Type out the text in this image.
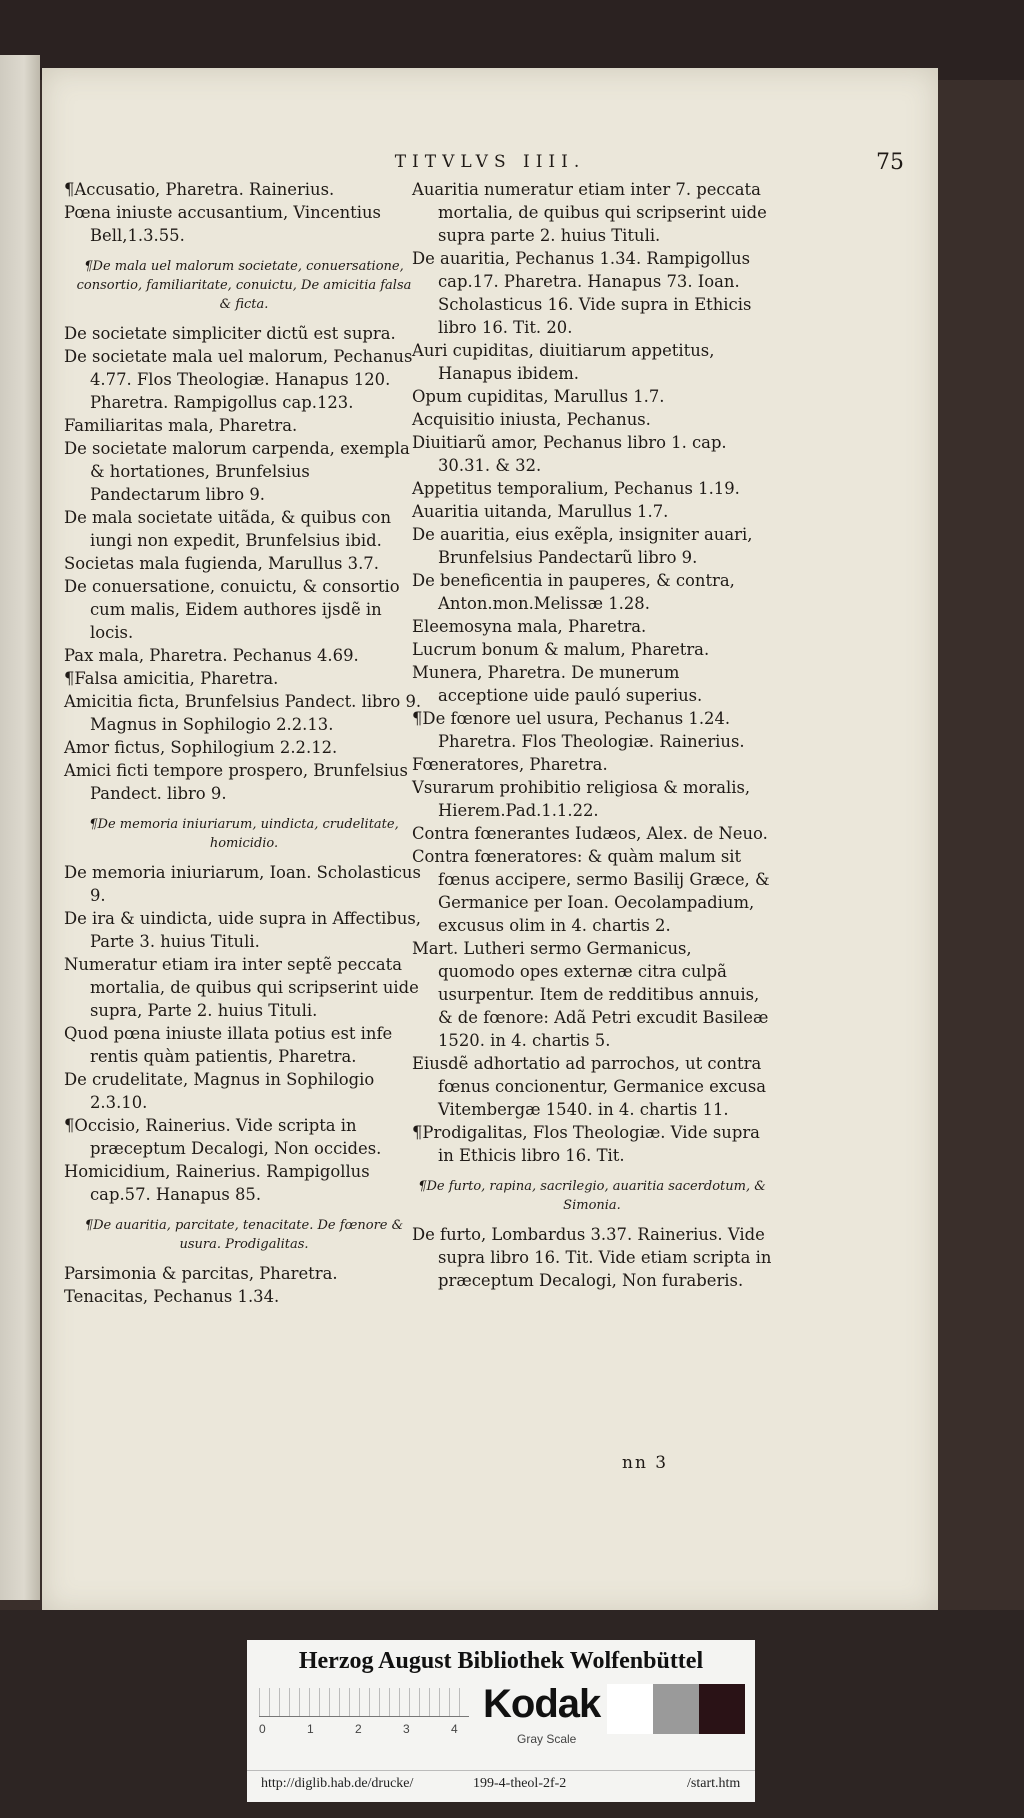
TITVLVS IIII.	75

¶Accusatio, Pharetra. Rainerius.

Pœna iniuste accusantium, Vincentius Bell,1.3.55.

¶De mala uel malorum societate, conuersatione, consortio, familiaritate, conuictu, De amicitia falsa & ficta.

De societate simpliciter dictũ est supra.

De societate mala uel malorum, Pechanus 4.77. Flos Theologiæ. Hanapus 120. Pharetra. Rampigollus cap.123.

Familiaritas mala, Pharetra.

De societate malorum carpenda, exempla & hortationes, Brunfelsius Pandectarum libro 9.

De mala societate uitãda, & quibus con iungi non expedit, Brunfelsius ibid.

Societas mala fugienda, Marullus 3.7.

De conuersatione, conuictu, & consortio cum malis, Eidem authores ijsdẽ in locis.

Pax mala, Pharetra. Pechanus 4.69.

¶Falsa amicitia, Pharetra.

Amicitia ficta, Brunfelsius Pandect. libro 9. Magnus in Sophilogio 2.2.13.

Amor fictus, Sophilogium 2.2.12.

Amici ficti tempore prospero, Brunfelsius Pandect. libro 9.

¶De memoria iniuriarum, uindicta, crudelitate, homicidio.

De memoria iniuriarum, Ioan. Scholasticus 9.

De ira & uindicta, uide supra in Affectibus, Parte 3. huius Tituli.

Numeratur etiam ira inter septẽ peccata mortalia, de quibus qui scripserint uide supra, Parte 2. huius Tituli.

Quod pœna iniuste illata potius est infe rentis quàm patientis, Pharetra.

De crudelitate, Magnus in Sophilogio 2.3.10.

¶Occisio, Rainerius. Vide scripta in præceptum Decalogi, Non occides.

Homicidium, Rainerius. Rampigollus cap.57. Hanapus 85.

¶De auaritia, parcitate, tenacitate. De fœnore & usura. Prodigalitas.

Parsimonia & parcitas, Pharetra.

Tenacitas, Pechanus 1.34.

Auaritia numeratur etiam inter 7. peccata mortalia, de quibus qui scripserint uide supra parte 2. huius Tituli.

De auaritia, Pechanus 1.34. Rampigollus cap.17. Pharetra. Hanapus 73. Ioan. Scholasticus 16. Vide supra in Ethicis libro 16. Tit. 20.

Auri cupiditas, diuitiarum appetitus, Hanapus ibidem.

Opum cupiditas, Marullus 1.7.

Acquisitio iniusta, Pechanus.

Diuitiarũ amor, Pechanus libro 1. cap. 30.31. & 32.

Appetitus temporalium, Pechanus 1.19.

Auaritia uitanda, Marullus 1.7.

De auaritia, eius exẽpla, insigniter auari, Brunfelsius Pandectarũ libro 9.

De beneficentia in pauperes, & contra, Anton.mon.Melissæ 1.28.

Eleemosyna mala, Pharetra.

Lucrum bonum & malum, Pharetra.

Munera, Pharetra. De munerum acceptione uide pauló superius.

¶De fœnore uel usura, Pechanus 1.24. Pharetra. Flos Theologiæ. Rainerius.

Fœneratores, Pharetra.

Vsurarum prohibitio religiosa & moralis, Hierem.Pad.1.1.22.

Contra fœnerantes Iudæos, Alex. de Neuo.

Contra fœneratores: & quàm malum sit fœnus accipere, sermo Basilij Græce, & Germanice per Ioan. Oecolampadium, excusus olim in 4. chartis 2.

Mart. Lutheri sermo Germanicus, quomodo opes externæ citra culpã usurpentur. Item de redditibus annuis, & de fœnore: Adã Petri excudit Basileæ 1520. in 4. chartis 5.

Eiusdẽ adhortatio ad parrochos, ut contra fœnus concionentur, Germanice excusa Vitembergæ 1540. in 4. chartis 11.

¶Prodigalitas, Flos Theologiæ. Vide supra in Ethicis libro 16. Tit.

¶De furto, rapina, sacrilegio, auaritia sacerdotum, & Simonia.

De furto, Lombardus 3.37. Rainerius. Vide supra libro 16. Tit. Vide etiam scripta in præceptum Decalogi, Non furaberis.

nn 3
Herzog August Bibliothek Wolfenbüttel
0	1	2	3	4
Kodak
Gray Scale
http://diglib.hab.de/drucke/	199-4-theol-2f-2	/start.htm
